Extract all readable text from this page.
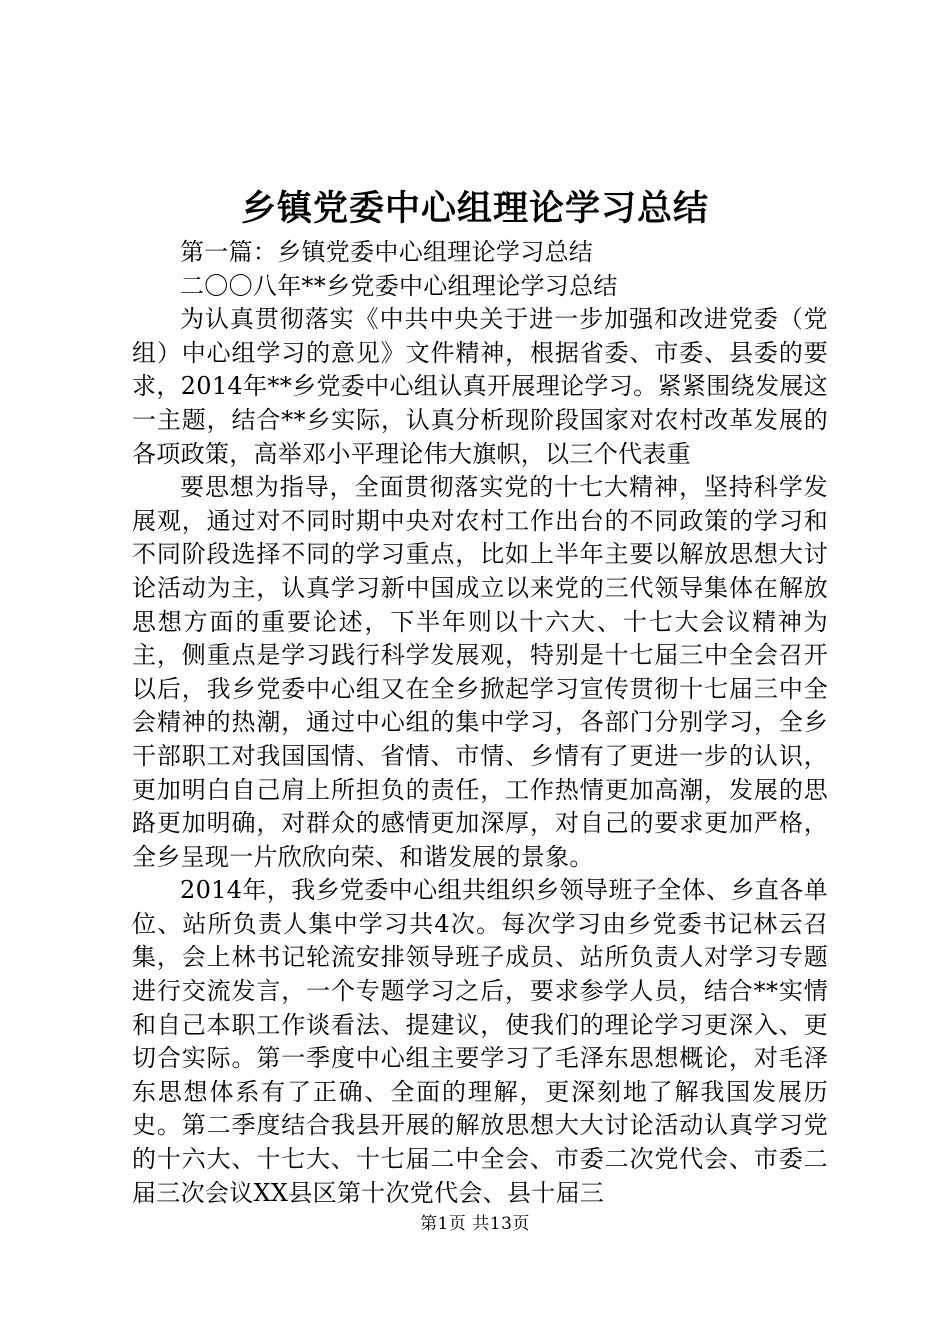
乡镇党委中心组理论学习总结

第一篇：乡镇党委中心组理论学习总结

二〇〇八年**乡党委中心组理论学习总结

为认真贯彻落实《中共中央关于进一步加强和改进党委（党组）中心组学习的意见》文件精神，根据省委、市委、县委的要求，2014年**乡党委中心组认真开展理论学习。紧紧围绕发展这一主题，结合**乡实际，认真分析现阶段国家对农村改革发展的各项政策，高举邓小平理论伟大旗帜，以三个代表重

要思想为指导，全面贯彻落实党的十七大精神，坚持科学发展观，通过对不同时期中央对农村工作出台的不同政策的学习和不同阶段选择不同的学习重点，比如上半年主要以解放思想大讨论活动为主，认真学习新中国成立以来党的三代领导集体在解放思想方面的重要论述，下半年则以十六大、十七大会议精神为主，侧重点是学习践行科学发展观，特别是十七届三中全会召开以后，我乡党委中心组又在全乡掀起学习宣传贯彻十七届三中全会精神的热潮，通过中心组的集中学习，各部门分别学习，全乡干部职工对我国国情、省情、市情、乡情有了更进一步的认识，更加明白自己肩上所担负的责任，工作热情更加高潮，发展的思路更加明确，对群众的感情更加深厚，对自己的要求更加严格，全乡呈现一片欣欣向荣、和谐发展的景象。

2014年，我乡党委中心组共组织乡领导班子全体、乡直各单位、站所负责人集中学习共4次。每次学习由乡党委书记林云召集，会上林书记轮流安排领导班子成员、站所负责人对学习专题进行交流发言，一个专题学习之后，要求参学人员，结合**实情和自己本职工作谈看法、提建议，使我们的理论学习更深入、更切合实际。第一季度中心组主要学习了毛泽东思想概论，对毛泽东思想体系有了正确、全面的理解，更深刻地了解我国发展历史。第二季度结合我县开展的解放思想大大讨论活动认真学习党的十六大、十七大、十七届二中全会、市委二次党代会、市委二届三次会议XX县区第十次党代会、县十届三

第1页 共13页
